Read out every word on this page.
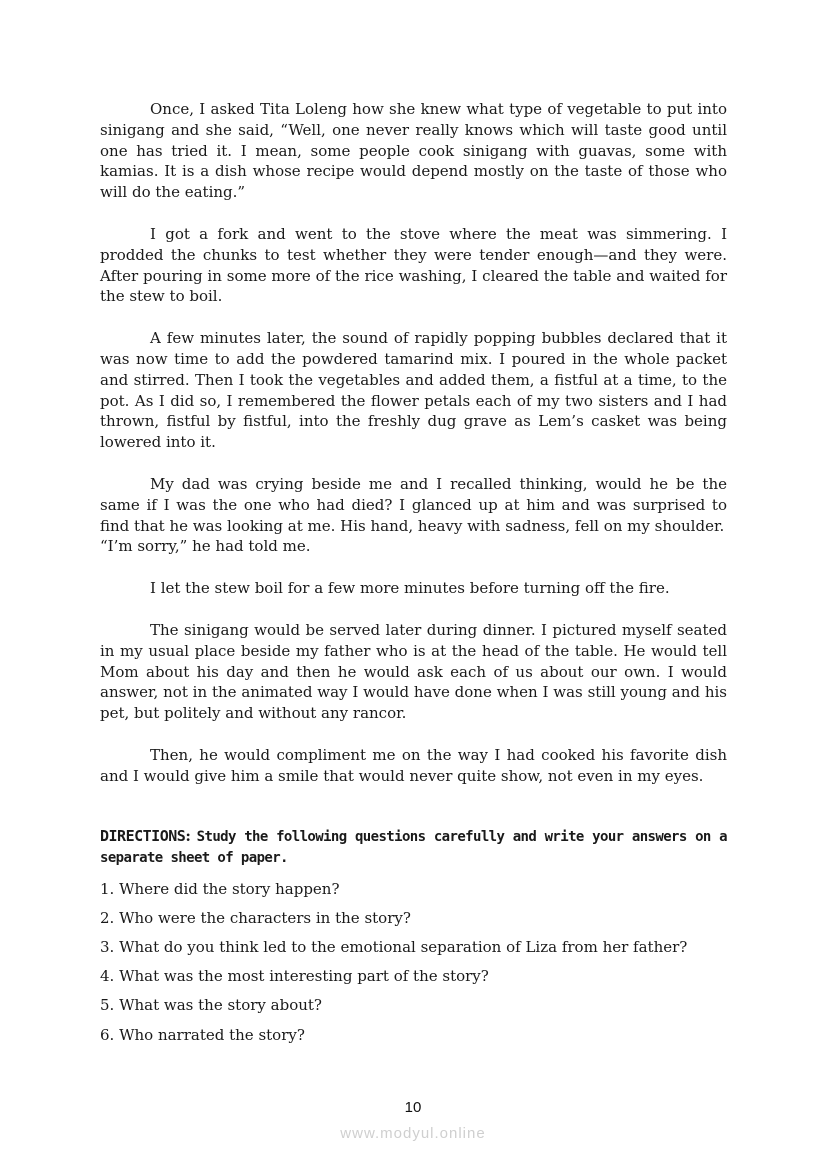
Once, I asked Tita Loleng how she knew what type of vegetable to put into sinigang and she said, “Well, one never really knows which will taste good until one has tried it. I mean, some people cook sinigang with guavas, some with kamias. It is a dish whose recipe would depend mostly on the taste of those who will do the eating.”

I got a fork and went to the stove where the meat was simmering. I prodded the chunks to test whether they were tender enough—and they were. After pouring in some more of the rice washing, I cleared the table and waited for the stew to boil.

A few minutes later, the sound of rapidly popping bubbles declared that it was now time to add the powdered tamarind mix. I poured in the whole packet and stirred. Then I took the vegetables and added them, a fistful at a time, to the pot. As I did so, I remembered the flower petals each of my two sisters and I had thrown, fistful by fistful, into the freshly dug grave as Lem’s casket was being lowered into it.

My dad was crying beside me and I recalled thinking, would he be the same if I was the one who had died? I glanced up at him and was surprised to find that he was looking at me. His hand, heavy with sadness, fell on my shoulder.
“I’m sorry,” he had told me.

I let the stew boil for a few more minutes before turning off the fire.

The sinigang would be served later during dinner. I pictured myself seated in my usual place beside my father who is at the head of the table. He would tell Mom about his day and then he would ask each of us about our own. I would answer, not in the animated way I would have done when I was still young and his pet, but politely and without any rancor.

Then, he would compliment me on the way I had cooked his favorite dish and I would give him a smile that would never quite show, not even in my eyes.

DIRECTIONS: Study the following questions carefully and write your answers on a separate sheet of paper.
1. Where did the story happen?
2. Who were the characters in the story?
3. What do you think led to the emotional separation of Liza from her father?
4. What was the most interesting part of the story?
5. What was the story about?
6. Who narrated the story?
10
www.modyul.online
